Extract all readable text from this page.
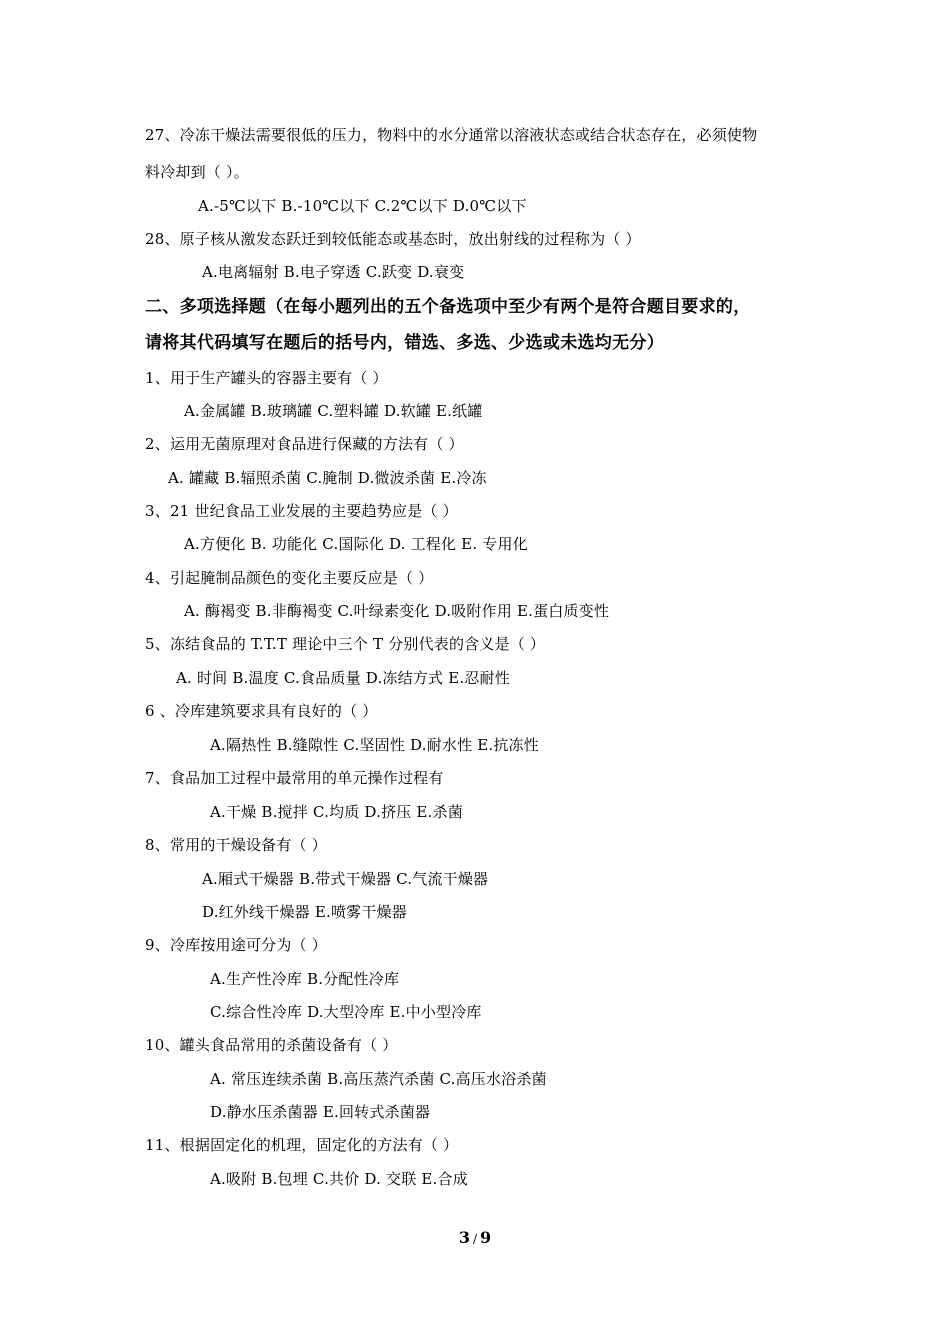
27、冷冻干燥法需要很低的压力，物料中的水分通常以溶液状态或结合状态存在，必须使物
料冷却到（ ）。
A.-5℃以下 B.-10℃以下 C.2℃以下 D.0℃以下
28、原子核从激发态跃迁到较低能态或基态时，放出射线的过程称为（ ）
A.电离辐射 B.电子穿透 C.跃变 D.衰变
二、多项选择题（在每小题列出的五个备选项中至少有两个是符合题目要求的，
请将其代码填写在题后的括号内，错选、多选、少选或未选均无分）
1、用于生产罐头的容器主要有（ ）
A.金属罐 B.玻璃罐 C.塑料罐 D.软罐 E.纸罐
2、运用无菌原理对食品进行保藏的方法有（ ）
A. 罐藏 B.辐照杀菌 C.腌制 D.微波杀菌 E.冷冻
3、21 世纪食品工业发展的主要趋势应是（ ）
A.方便化 B. 功能化 C.国际化 D. 工程化 E. 专用化
4、引起腌制品颜色的变化主要反应是（ ）
A. 酶褐变 B.非酶褐变 C.叶绿素变化 D.吸附作用 E.蛋白质变性
5、冻结食品的 T.T.T 理论中三个 T 分别代表的含义是（ ）
A. 时间 B.温度 C.食品质量 D.冻结方式 E.忍耐性
6 、冷库建筑要求具有良好的（ ）
A.隔热性 B.缝隙性 C.坚固性 D.耐水性 E.抗冻性
7、食品加工过程中最常用的单元操作过程有
A.干燥 B.搅拌 C.均质 D.挤压 E.杀菌
8、常用的干燥设备有（ ）
A.厢式干燥器 B.带式干燥器 C.气流干燥器
D.红外线干燥器 E.喷雾干燥器
9、冷库按用途可分为（ ）
A.生产性冷库 B.分配性冷库
C.综合性冷库 D.大型冷库 E.中小型冷库
10、罐头食品常用的杀菌设备有（ ）
A. 常压连续杀菌 B.高压蒸汽杀菌 C.高压水浴杀菌
D.静水压杀菌器 E.回转式杀菌器
11、根据固定化的机理，固定化的方法有（ ）
A.吸附 B.包埋 C.共价 D. 交联 E.合成
3 / 9
